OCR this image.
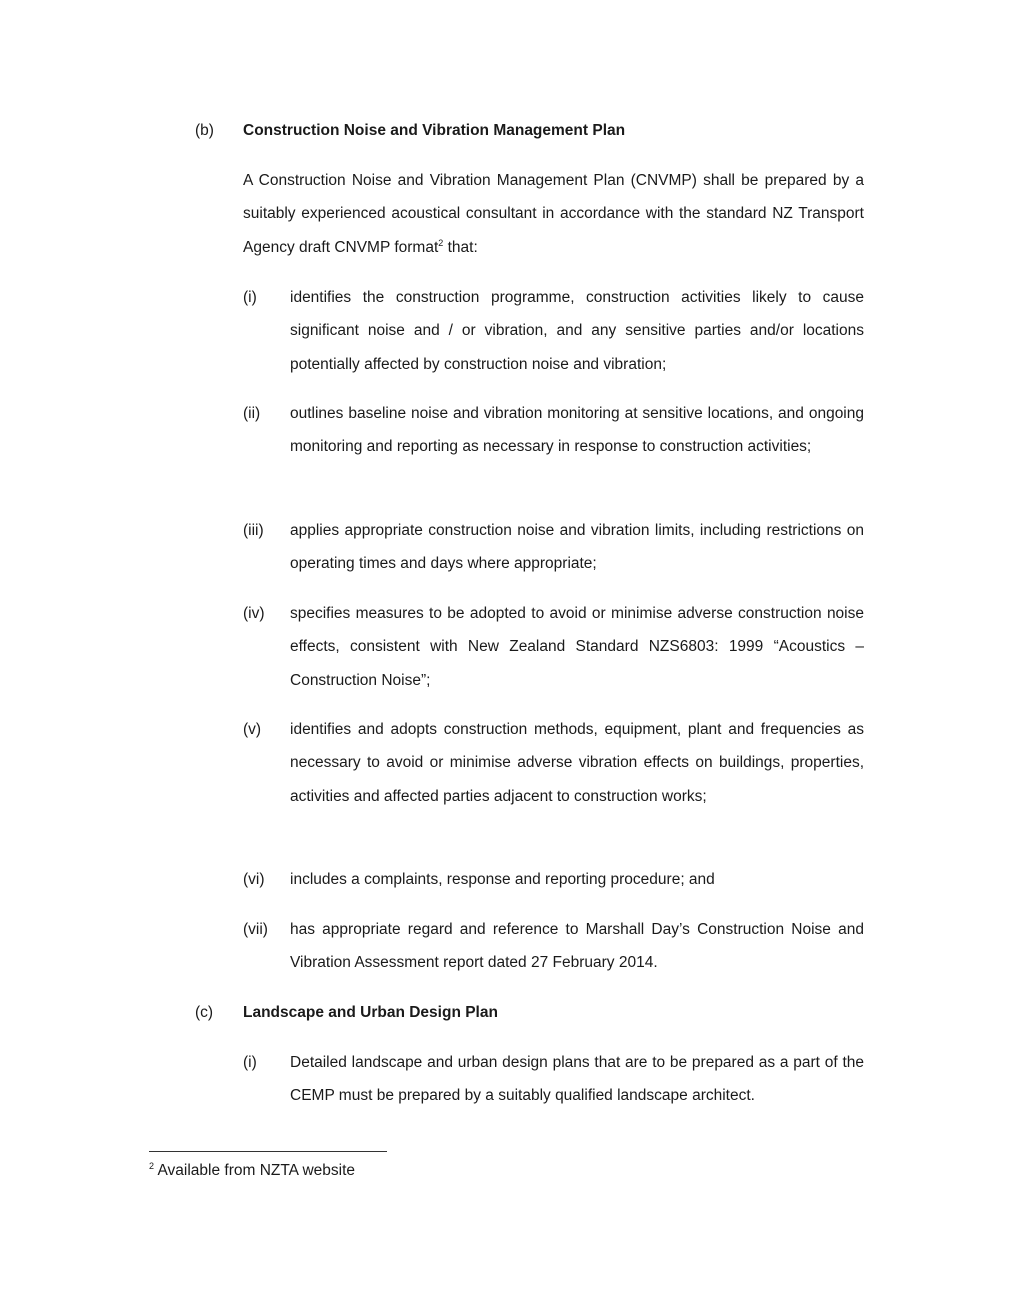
(b) Construction Noise and Vibration Management Plan
A Construction Noise and Vibration Management Plan (CNVMP) shall be prepared by a suitably experienced acoustical consultant in accordance with the standard NZ Transport Agency draft CNVMP format$^2$ that:
(i) identifies the construction programme, construction activities likely to cause significant noise and / or vibration, and any sensitive parties and/or locations potentially affected by construction noise and vibration;
(ii) outlines baseline noise and vibration monitoring at sensitive locations, and ongoing monitoring and reporting as necessary in response to construction activities;
(iii) applies appropriate construction noise and vibration limits, including restrictions on operating times and days where appropriate;
(iv) specifies measures to be adopted to avoid or minimise adverse construction noise effects, consistent with New Zealand Standard NZS6803: 1999 “Acoustics – Construction Noise”;
(v) identifies and adopts construction methods, equipment, plant and frequencies as necessary to avoid or minimise adverse vibration effects on buildings, properties, activities and affected parties adjacent to construction works;
(vi) includes a complaints, response and reporting procedure; and
(vii) has appropriate regard and reference to Marshall Day’s Construction Noise and Vibration Assessment report dated 27 February 2014.
(c) Landscape and Urban Design Plan
(i) Detailed landscape and urban design plans that are to be prepared as a part of the CEMP must be prepared by a suitably qualified landscape architect.
$^2$ Available from NZTA website
